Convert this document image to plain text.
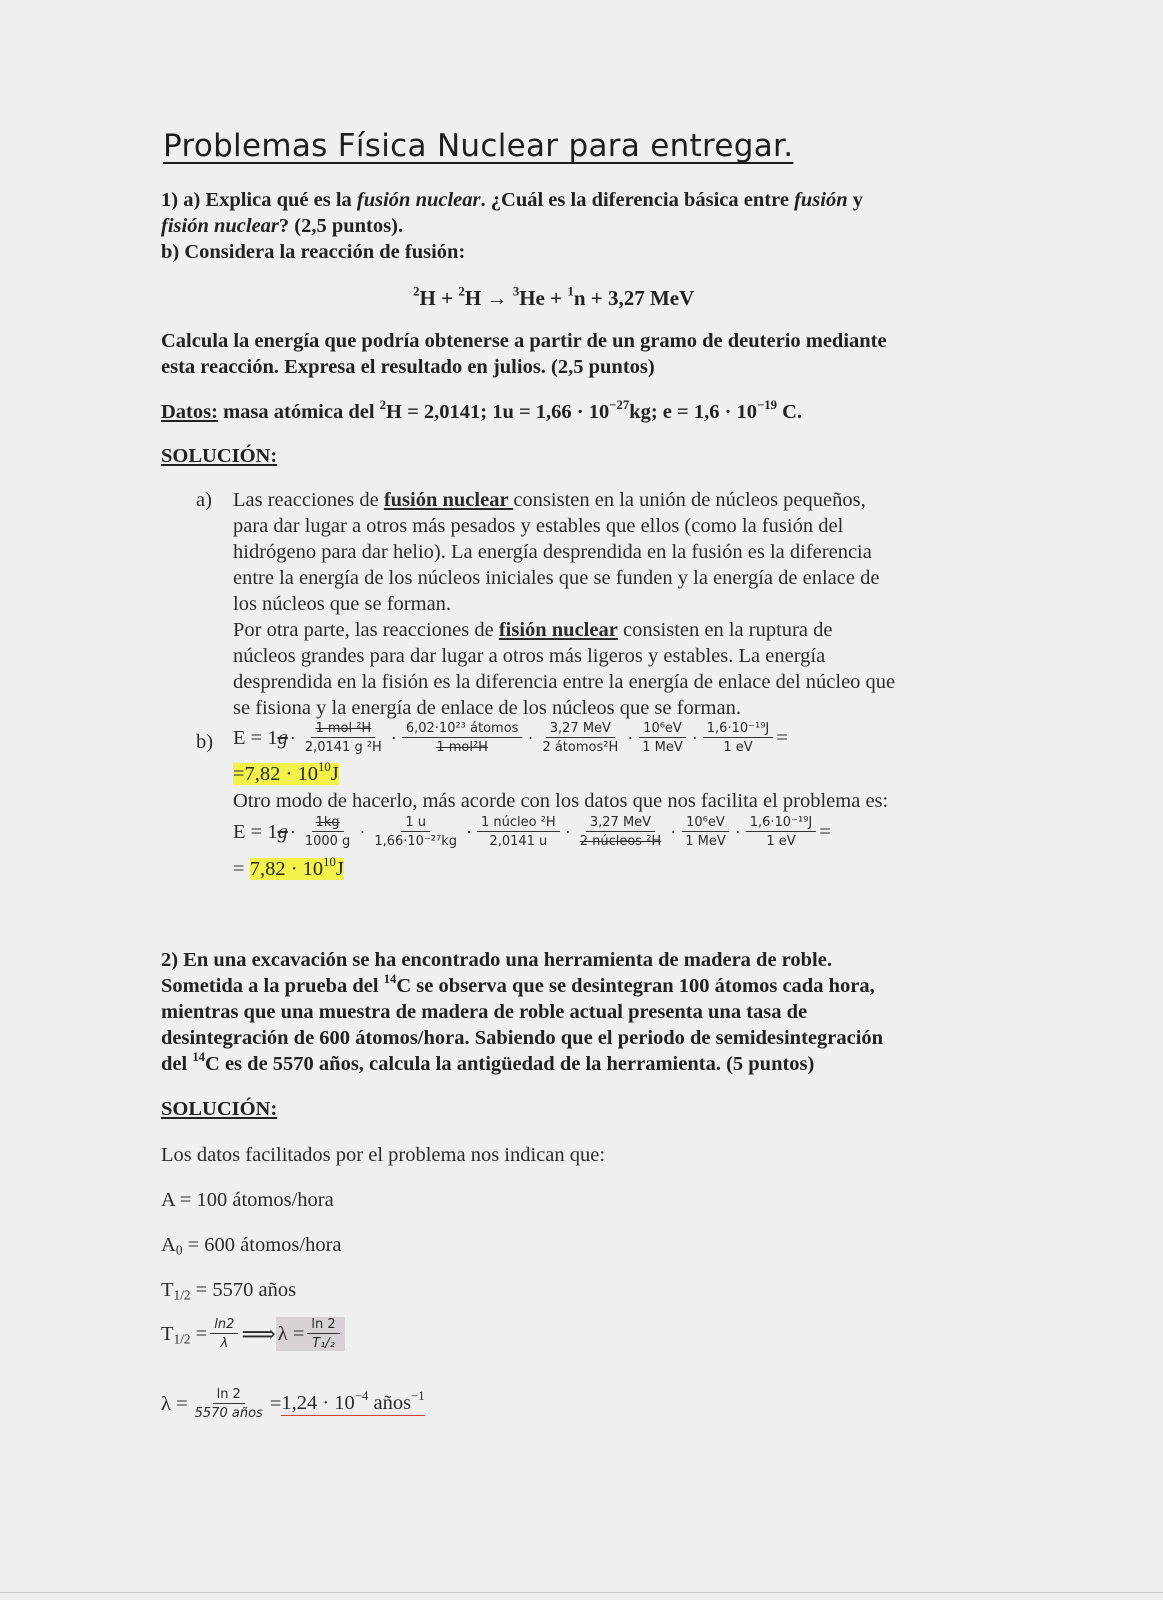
Problemas Física Nuclear para entregar.
1) a) Explica qué es la fusión nuclear. ¿Cuál es la diferencia básica entre fusión y
fisión nuclear? (2,5 puntos).
b) Considera la reacción de fusión:
$^2$H + $^2$H → $^3$He + $^1$n + 3,27 MeV
Calcula la energía que podría obtenerse a partir de un gramo de deuterio mediante
esta reacción. Expresa el resultado en julios. (2,5 puntos)
Datos: masa atómica del $^2$H = 2,0141; $1u = 1,66 \cdot 10^{-27}kg$; $e = 1,6 \cdot 10^{-19}$ C.
SOLUCIÓN:
a) Las reacciones de fusión nuclear consisten en la unión de núcleos pequeños,
para dar lugar a otros más pesados y estables que ellos (como la fusión del
hidrógeno para dar helio). La energía desprendida en la fusión es la diferencia
entre la energía de los núcleos iniciales que se funden y la energía de enlace de
los núcleos que se forman.
Por otra parte, las reacciones de fisión nuclear consisten en la ruptura de
núcleos grandes para dar lugar a otros más ligeros y estables. La energía
desprendida en la fisión es la diferencia entre la energía de enlace del núcleo que
se fisiona y la energía de enlace de los núcleos que se forman.
b) E = 1 $g \cdot \frac{\text{1 mol ²H}}{\text{2,0141 g ²H}} \cdot \frac{\text{6,02·10²³ átomos}}{\text{1 mol²H}} \cdot \frac{\text{3,27 MeV}}{\text{2 átomos²H}} \cdot \frac{\text{10⁶eV}}{\text{1 MeV}} \cdot \frac{\text{1,6·10⁻¹⁹J}}{1 eV}$ =
$=7,82 \cdot 10^{10}J$
Otro modo de hacerlo, más acorde con los datos que nos facilita el problema es:
E = 1 $g \cdot \frac{1kg}{1000 g} \cdot \frac{1 u}{\text{1,66·10⁻²⁷kg}} \cdot \frac{\text{1 núcleo ²H}}{2,0141 u} \cdot \frac{\text{3,27 MeV}}{\text{2 núcleos ²H}} \cdot \frac{\text{10⁶eV}}{\text{1 MeV}} \cdot \frac{\text{1,6·10⁻¹⁹J}}{1 eV}$ =
= $7,82 \cdot 10^{10}J$
2) En una excavación se ha encontrado una herramienta de madera de roble.
Sometida a la prueba del $^{14}$C se observa que se desintegran 100 átomos cada hora,
mientras que una muestra de madera de roble actual presenta una tasa de
desintegración de 600 átomos/hora. Sabiendo que el periodo de semidesintegración
del $^{14}$C es de 5570 años, calcula la antigüedad de la herramienta. (5 puntos)
SOLUCIÓN:
Los datos facilitados por el problema nos indican que:
A = 100 átomos/hora
$A_0 = 600$ átomos/hora
$T_{1/2} = 5570$ años
$T_{1/2} = \frac{\ln 2}{\lambda}$ ⟹ $\lambda = \frac{\ln 2}{\text{T₁/₂}}$
$\lambda = \frac{\ln 2}{\text{5570 años}} = 1,24 \cdot 10^{-4}$ años$^{-1}$
